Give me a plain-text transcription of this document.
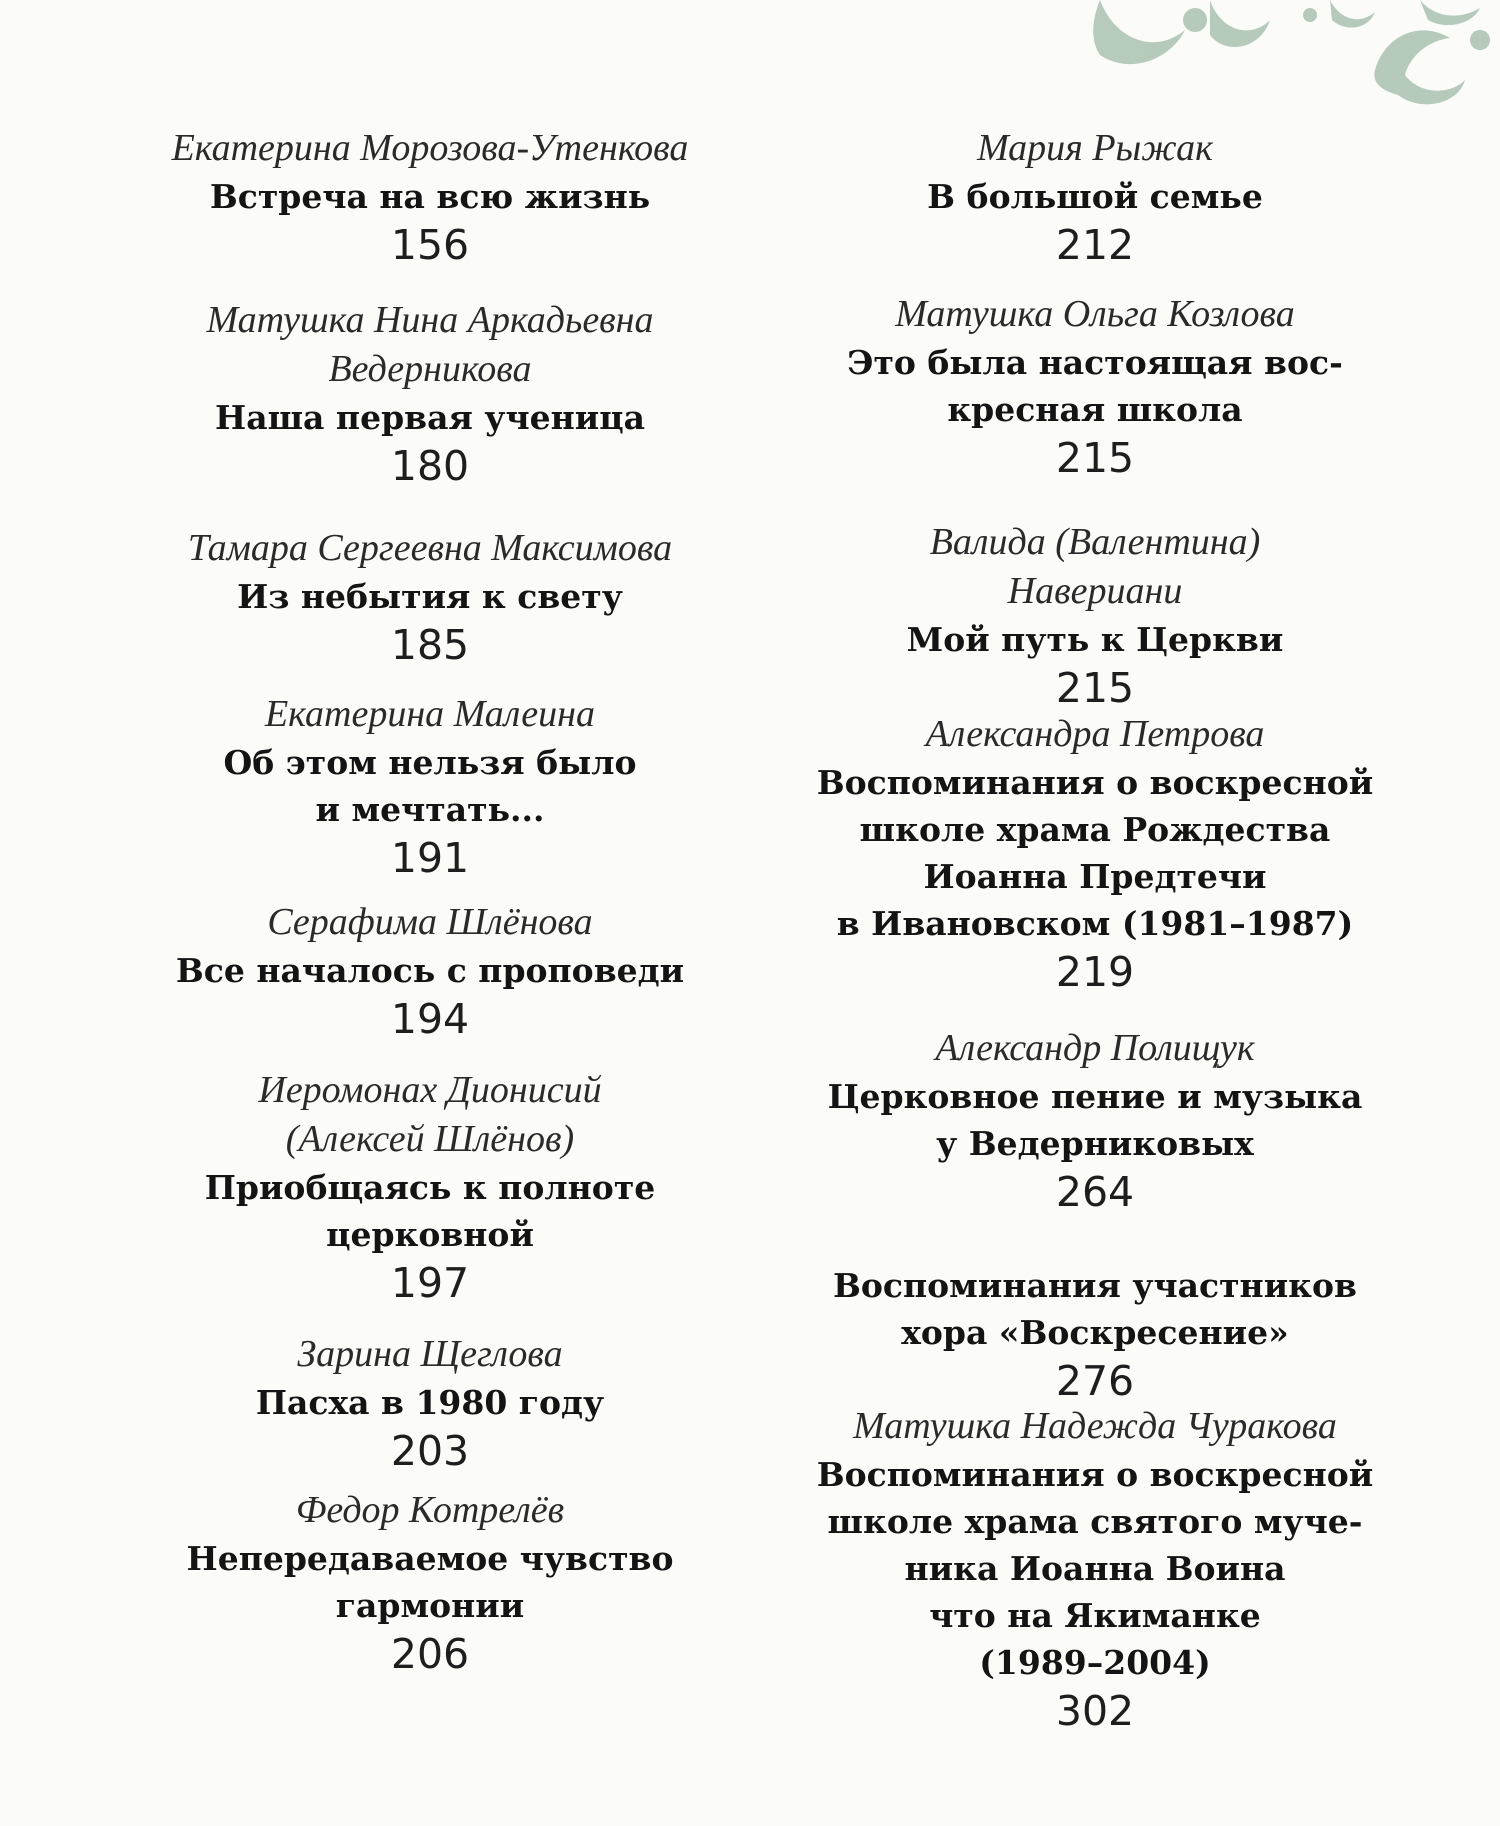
Екатерина Морозова-Утенкова
Встреча на всю жизнь
156
Матушка Нина Аркадьевна
Ведерникова
Наша первая ученица
180
Тамара Сергеевна Максимова
Из небытия к свету
185
Екатерина Малеина
Об этом нельзя было
и мечтать...
191
Серафима Шлёнова
Все началось с проповеди
194
Иеромонах Дионисий
(Алексей Шлёнов)
Приобщаясь к полноте
церковной
197
Зарина Щеглова
Пасха в 1980 году
203
Федор Котрелёв
Непередаваемое чувство
гармонии
206
Мария Рыжак
В большой семье
212
Матушка Ольга Козлова
Это была настоящая вос-
кресная школа
215
Валида (Валентина)
Навериани
Мой путь к Церкви
215
Александра Петрова
Воспоминания о воскресной
школе храма Рождества
Иоанна Предтечи
в Ивановском (1981–1987)
219
Александр Полищук
Церковное пение и музыка
у Ведерниковых
264
Воспоминания участников
хора «Воскресение»
276
Матушка Надежда Чуракова
Воспоминания о воскресной
школе храма святого муче-
ника Иоанна Воина
что на Якиманке
(1989–2004)
302
